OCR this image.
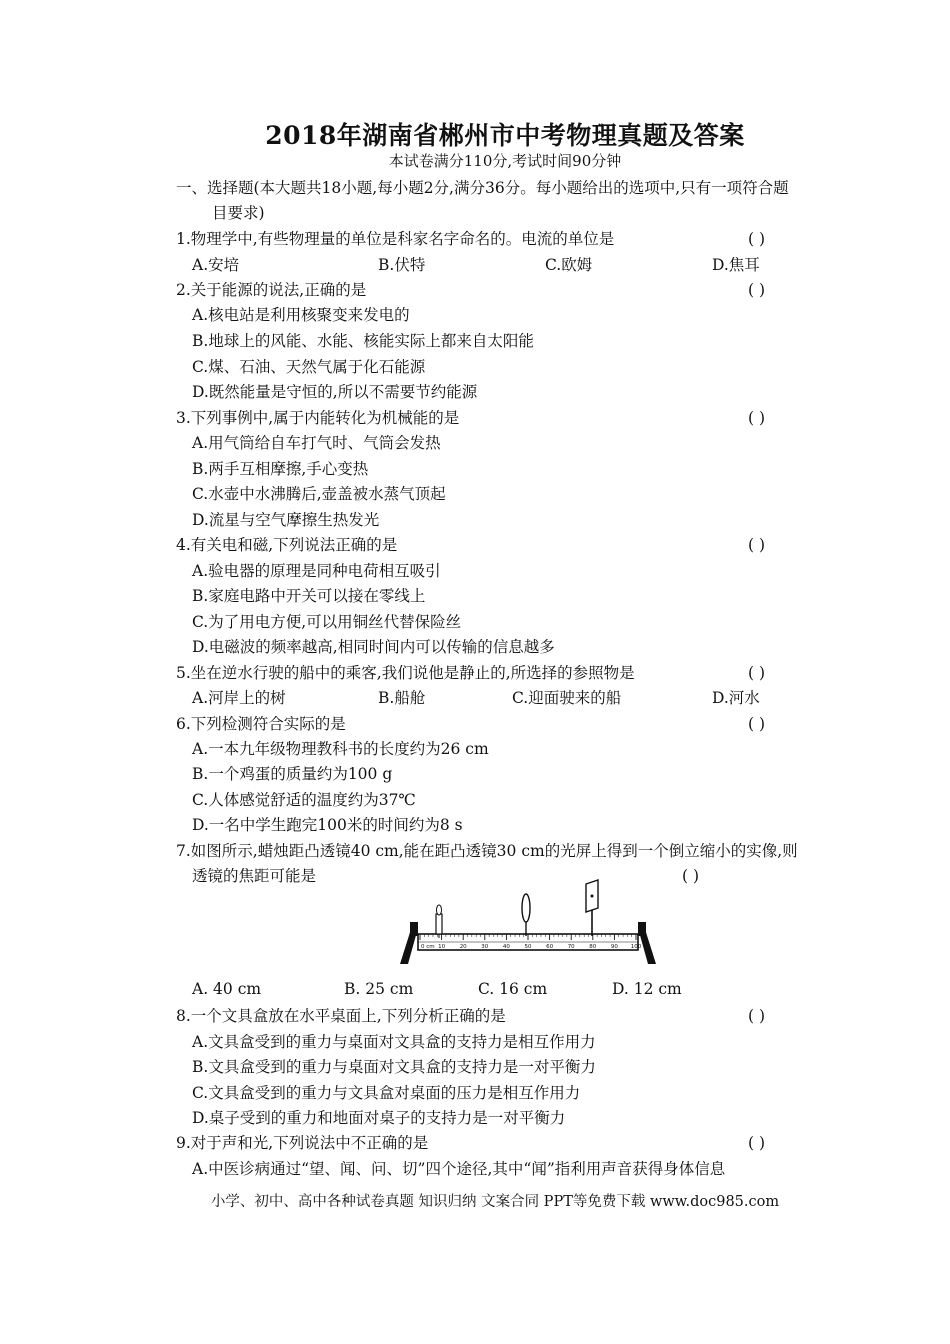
2018年湖南省郴州市中考物理真题及答案
本试卷满分110分,考试时间90分钟
一、选择题(本大题共18小题,每小题2分,满分36分。每小题给出的选项中,只有一项符合题
目要求)
1.物理学中,有些物理量的单位是科家名字命名的。电流的单位是	( )
A.安培	B.伏特	C.欧姆	D.焦耳
2.关于能源的说法,正确的是	( )
A.核电站是利用核聚变来发电的
B.地球上的风能、水能、核能实际上都来自太阳能
C.煤、石油、天然气属于化石能源
D.既然能量是守恒的,所以不需要节约能源
3.下列事例中,属于内能转化为机械能的是	( )
A.用气筒给自车打气时、气筒会发热
B.两手互相摩擦,手心变热
C.水壶中水沸腾后,壶盖被水蒸气顶起
D.流星与空气摩擦生热发光
4.有关电和磁,下列说法正确的是	( )
A.验电器的原理是同种电荷相互吸引
B.家庭电路中开关可以接在零线上
C.为了用电方便,可以用铜丝代替保险丝
D.电磁波的频率越高,相同时间内可以传输的信息越多
5.坐在逆水行驶的船中的乘客,我们说他是静止的,所选择的参照物是	( )
A.河岸上的树	B.船舱	C.迎面驶来的船	D.河水
6.下列检测符合实际的是	( )
A.一本九年级物理教科书的长度约为26 cm
B.一个鸡蛋的质量约为100 g
C.人体感觉舒适的温度约为37℃
D.一名中学生跑完100米的时间约为8 s
7.如图所示,蜡烛距凸透镜40 cm,能在距凸透镜30 cm的光屏上得到一个倒立缩小的实像,则
透镜的焦距可能是	( )
0 cm 10	20	30	40	50	60	70	80	90 100
A. 40 cm	B. 25 cm	C. 16 cm	D. 12 cm
8.一个文具盒放在水平桌面上,下列分析正确的是	( )
A.文具盒受到的重力与桌面对文具盒的支持力是相互作用力
B.文具盒受到的重力与桌面对文具盒的支持力是一对平衡力
C.文具盒受到的重力与文具盒对桌面的压力是相互作用力
D.桌子受到的重力和地面对桌子的支持力是一对平衡力
9.对于声和光,下列说法中不正确的是	( )
A.中医诊病通过“望、闻、问、切”四个途径,其中“闻”指利用声音获得身体信息
小学、初中、高中各种试卷真题 知识归纳 文案合同 PPT等免费下载 www.doc985.com
